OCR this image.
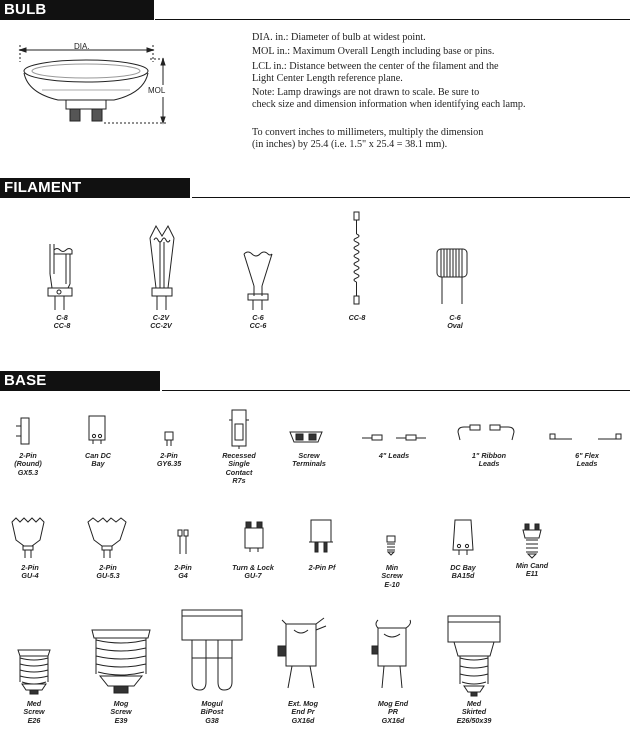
BULB IDENTIFICATION
FILAMENT IDENTIFICATION
BASE IDENTIFICATION
DIA.
MOL
DIA. in.: Diameter of bulb at widest point.
MOL in.: Maximum Overall Length including base or pins.
LCL in.: Distance between the center of the filament and the
Light Center Length reference plane.
Note: Lamp drawings are not drawn to scale. Be sure to
check size and dimension information when identifying each lamp.
To convert inches to millimeters, multiply the dimension
(in inches) by 25.4 (i.e. 1.5" x 25.4 = 38.1 mm).
C-8
CC-8
C-2V
CC-2V
C-6
CC-6
CC-8	C-6
Oval
2-Pin
(Round)
GX5.3
Can DC
Bay
2-Pin
GY6.35
Recessed
Single
Contact
R7s
Screw
Terminals
4" Leads	1" Ribbon
Leads
6" Flex
Leads
2-Pin
GU-4
2-Pin
GU-5.3
2-Pin
G4
Turn & Lock
GU-7
2-Pin Pf	Min
Screw
E-10
DC Bay
BA15d
Min Cand
E11
Med
Screw
E26
Mog
Screw
E39
Mogul
BiPost
G38
Ext. Mog
End Pr
GX16d
Mog End
PR
GX16d
Med
Skirted
E26/50x39
